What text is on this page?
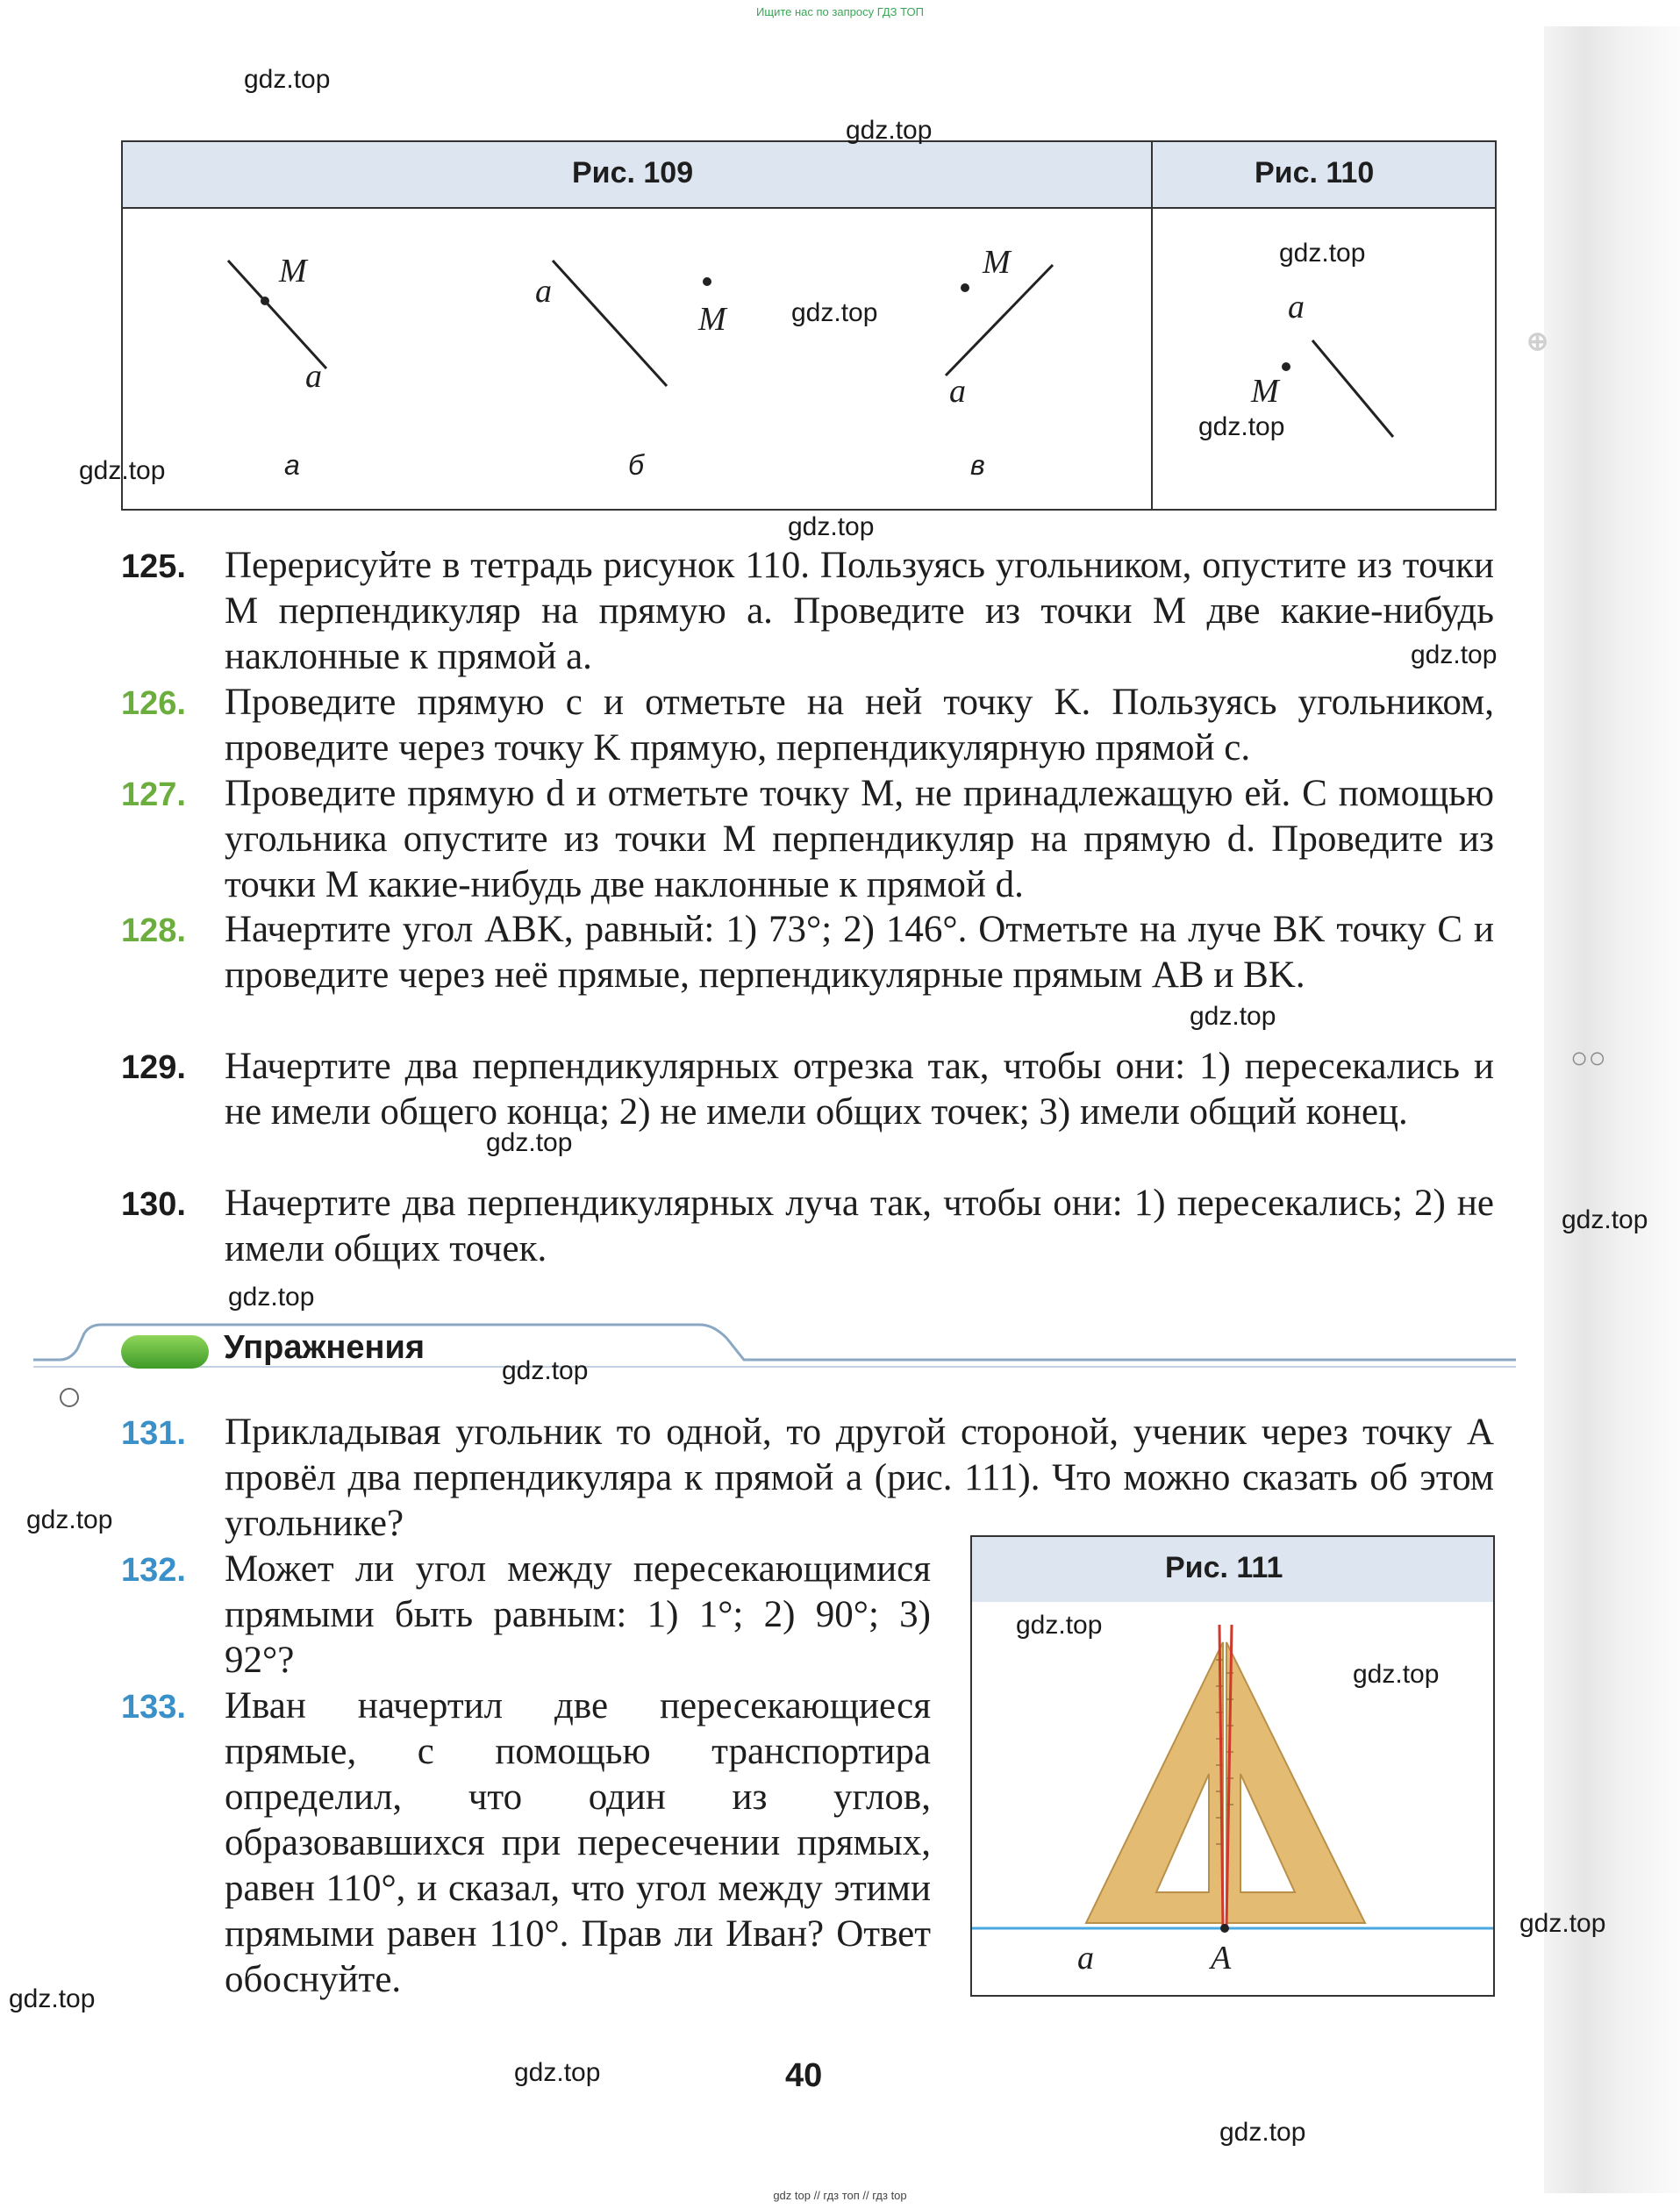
⊕
○○
Ищите нас по запросу ГДЗ ТОП
Рис. 109	Рис. 110
M
a
а
a
M
б
M
a
в
a
M
125. Перерисуйте в тетрадь рисунок 110. Пользуясь угольником, опустите из точки M перпендикуляр на прямую a. Проведите из точки M две какие-нибудь наклонные к прямой a.
126. Проведите прямую c и отметьте на ней точку K. Пользуясь угольником, проведите через точку K прямую, перпендикулярную прямой c.
127. Проведите прямую d и отметьте точку M, не принадлежащую ей. С помощью угольника опустите из точки M перпендикуляр на прямую d. Проведите из точки M какие-нибудь две наклонные к прямой d.
128. Начертите угол ABK, равный: 1) 73°; 2) 146°. Отметьте на луче BK точку C и проведите через неё прямые, перпендикулярные прямым AB и BK.
129. Начертите два перпендикулярных отрезка так, чтобы они: 1) пересекались и не имели общего конца; 2) не имели общих точек; 3) имели общий конец.
130. Начертите два перпендикулярных луча так, чтобы они: 1) пересекались; 2) не имели общих точек.
Упражнения
131. Прикладывая угольник то одной, то другой стороной, ученик через точку A провёл два перпендикуляра к прямой a (рис. 111). Что можно сказать об этом угольнике?
132. Может ли угол между пересекающимися прямыми быть равным: 1) 1°; 2) 90°; 3) 92°?
133. Иван начертил две пересекающиеся прямые, с помощью транспортира определил, что один из углов, образовавшихся при пересечении прямых, равен 110°, и сказал, что угол между этими прямыми равен 110°. Прав ли Иван? Ответ обоснуйте.
Рис. 111
a	A
40
gdz.top
gdz.top
gdz.top
gdz.top
gdz.top
gdz.top
gdz.top
gdz.top
gdz.top
gdz.top
gdz.top
gdz.top
gdz.top
gdz.top
gdz.top
gdz.top
gdz.top
gdz.top
gdz.top
gdz.top
gdz top // гдз топ // гдз top
